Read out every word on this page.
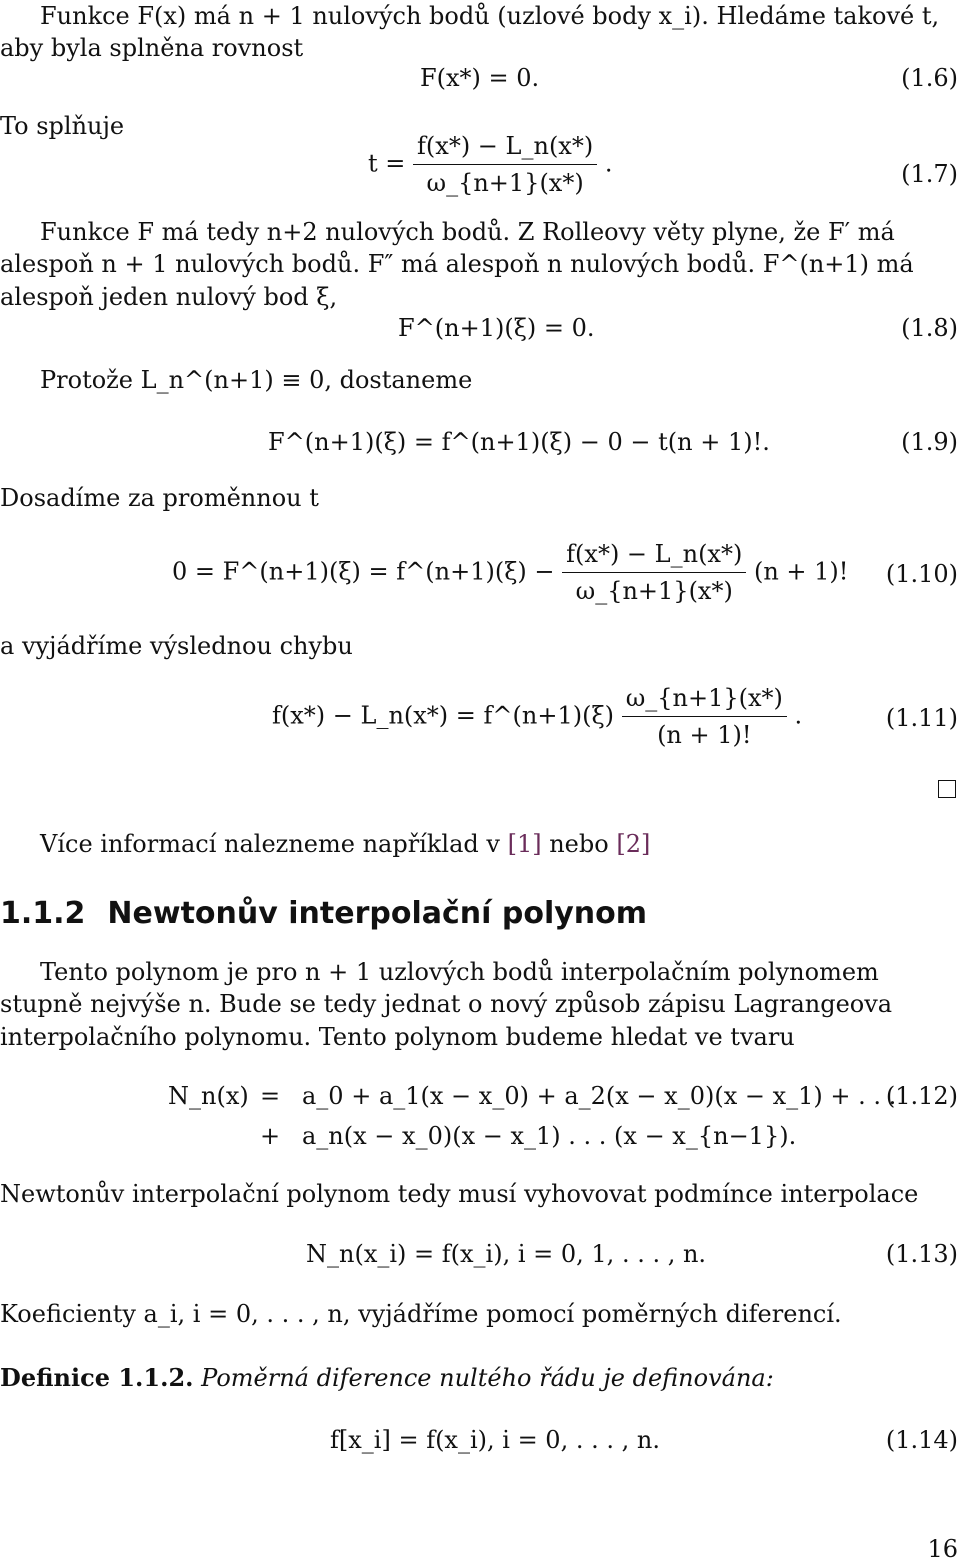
Funkce F(x) má n + 1 nulových bodů (uzlové body x_i). Hledáme takové t, aby byla splněna rovnost
F(x*) = 0.	(1.6)
To splňuje
$t = \frac{f(x*) - L\_n(x*)}{\omega\_\{n+1\}(x*)}$ .	(1.7)
Funkce F má tedy n+2 nulových bodů. Z Rolleovy věty plyne, že F′ má alespoň n + 1 nulových bodů. F″ má alespoň n nulových bodů. F^(n+1) má alespoň jeden nulový bod ξ,
F^(n+1)(ξ) = 0.	(1.8)
Protože L_n^(n+1) ≡ 0, dostaneme
F^(n+1)(ξ) = f^(n+1)(ξ) − 0 − t(n + 1)!.	(1.9)
Dosadíme za proměnnou t
0 = F^(n+1)(ξ) = f^(n+1)(ξ) − $\frac{f(x*) - L\_n(x*)}{\omega\_\{n+1\}(x*)} (n + 1)$! (1.10)
a vyjádříme výslednou chybu
f(x*) − L_n(x*) = f^(n+1)(ξ) $\frac{\omega\_\{n+1\}(x*)}{(n + 1)!}$ .	(1.11)
Více informací nalezneme například v [1] nebo [2]
1.1.2 Newtonův interpolační polynom
Tento polynom je pro n + 1 uzlových bodů interpolačním polynomem stupně nejvýše n. Bude se tedy jednat o nový způsob zápisu Lagrangeova interpolačního polynomu. Tento polynom budeme hledat ve tvaru
N_n(x) = a_0 + a_1(x − x_0) + a_2(x − x_0)(x − x_1) + . . .
+ a_n(x − x_0)(x − x_1) . . . (x − x_{n−1}).
(1.12)
Newtonův interpolační polynom tedy musí vyhovovat podmínce interpolace
N_n(x_i) = f(x_i), i = 0, 1, . . . , n.	(1.13)
Koeficienty a_i, i = 0, . . . , n, vyjádříme pomocí poměrných diferencí.
Definice 1.1.2. Poměrná diference nultého řádu je definována:
f[x_i] = f(x_i), i = 0, . . . , n.	(1.14)
16
